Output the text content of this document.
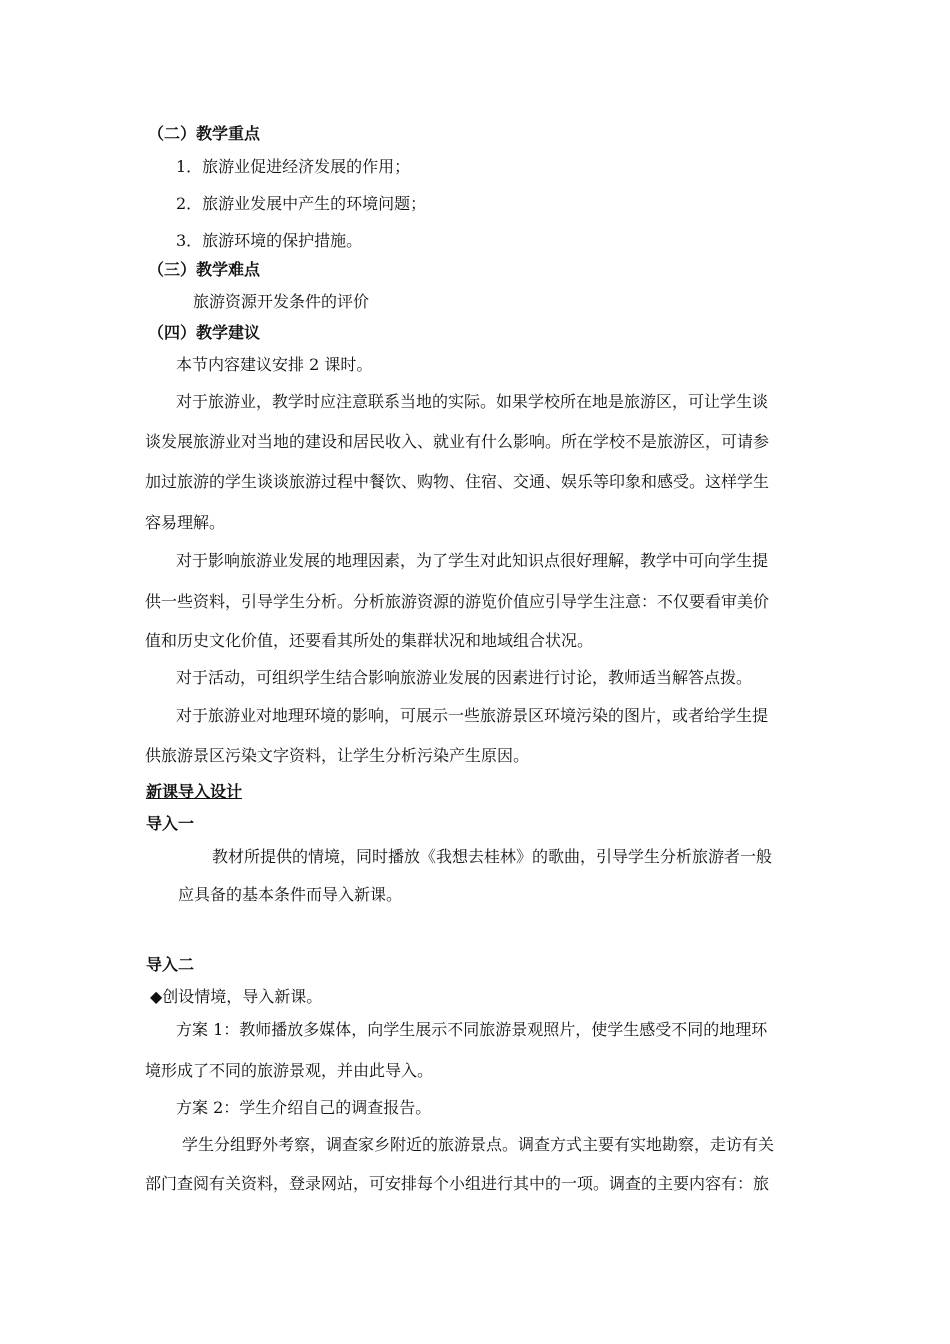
（二）教学重点
1．旅游业促进经济发展的作用；
2．旅游业发展中产生的环境问题；
3．旅游环境的保护措施。
（三）教学难点
旅游资源开发条件的评价
（四）教学建议
本节内容建议安排 2 课时。
对于旅游业，教学时应注意联系当地的实际。如果学校所在地是旅游区，可让学生谈
谈发展旅游业对当地的建设和居民收入、就业有什么影响。所在学校不是旅游区，可请参
加过旅游的学生谈谈旅游过程中餐饮、购物、住宿、交通、娱乐等印象和感受。这样学生
容易理解。
对于影响旅游业发展的地理因素，为了学生对此知识点很好理解，教学中可向学生提
供一些资料，引导学生分析。分析旅游资源的游览价值应引导学生注意：不仅要看审美价
值和历史文化价值，还要看其所处的集群状况和地域组合状况。
对于活动，可组织学生结合影响旅游业发展的因素进行讨论，教师适当解答点拨。
对于旅游业对地理环境的影响，可展示一些旅游景区环境污染的图片，或者给学生提
供旅游景区污染文字资料，让学生分析污染产生原因。
新课导入设计
导入一
教材所提供的情境，同时播放《我想去桂林》的歌曲，引导学生分析旅游者一般
应具备的基本条件而导入新课。
导入二
◆创设情境，导入新课。
方案 1：教师播放多媒体，向学生展示不同旅游景观照片，使学生感受不同的地理环
境形成了不同的旅游景观，并由此导入。
方案 2：学生介绍自己的调查报告。
学生分组野外考察，调查家乡附近的旅游景点。调查方式主要有实地勘察，走访有关
部门查阅有关资料，登录网站，可安排每个小组进行其中的一项。调查的主要内容有：旅
